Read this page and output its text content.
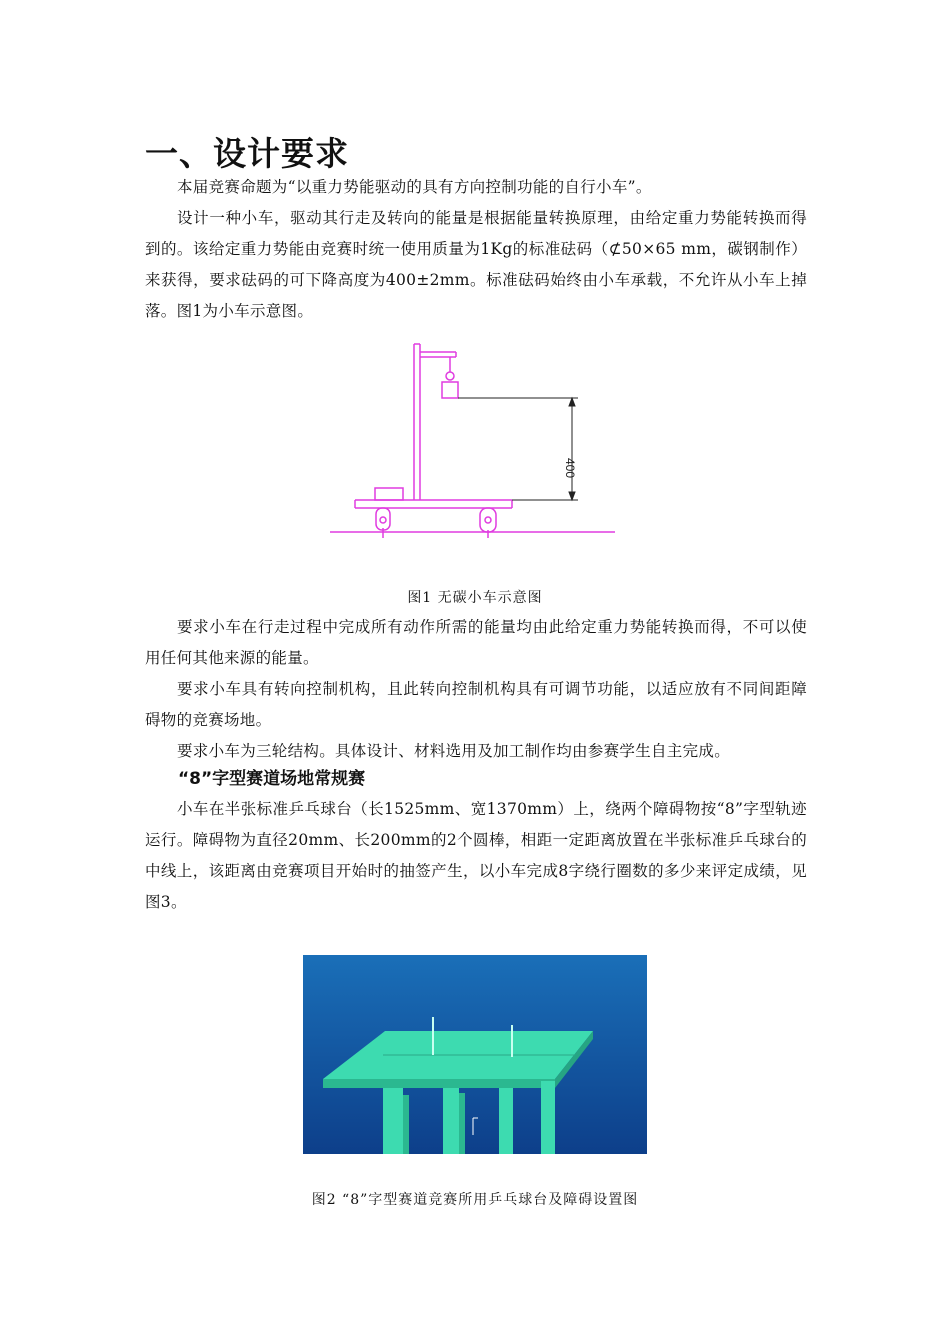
一、设计要求

本届竞赛命题为“以重力势能驱动的具有方向控制功能的自行小车”。

设计一种小车，驱动其行走及转向的能量是根据能量转换原理，由给定重力势能转换而得到的。该给定重力势能由竞赛时统一使用质量为1Kg的标准砝码（⊄50×65 mm，碳钢制作）来获得，要求砝码的可下降高度为400±2mm。标准砝码始终由小车承载，不允许从小车上掉落。图1为小车示意图。

400
图1 无碳小车示意图

要求小车在行走过程中完成所有动作所需的能量均由此给定重力势能转换而得，不可以使用任何其他来源的能量。

要求小车具有转向控制机构，且此转向控制机构具有可调节功能，以适应放有不同间距障碍物的竞赛场地。

要求小车为三轮结构。具体设计、材料选用及加工制作均由参赛学生自主完成。

“8”字型赛道场地常规赛

小车在半张标准乒乓球台（长1525mm、宽1370mm）上，绕两个障碍物按“8”字型轨迹运行。障碍物为直径20mm、长200mm的2个圆棒，相距一定距离放置在半张标准乒乓球台的中线上，该距离由竞赛项目开始时的抽签产生，以小车完成8字绕行圈数的多少来评定成绩，见图3。

图2 “8”字型赛道竞赛所用乒乓球台及障碍设置图
